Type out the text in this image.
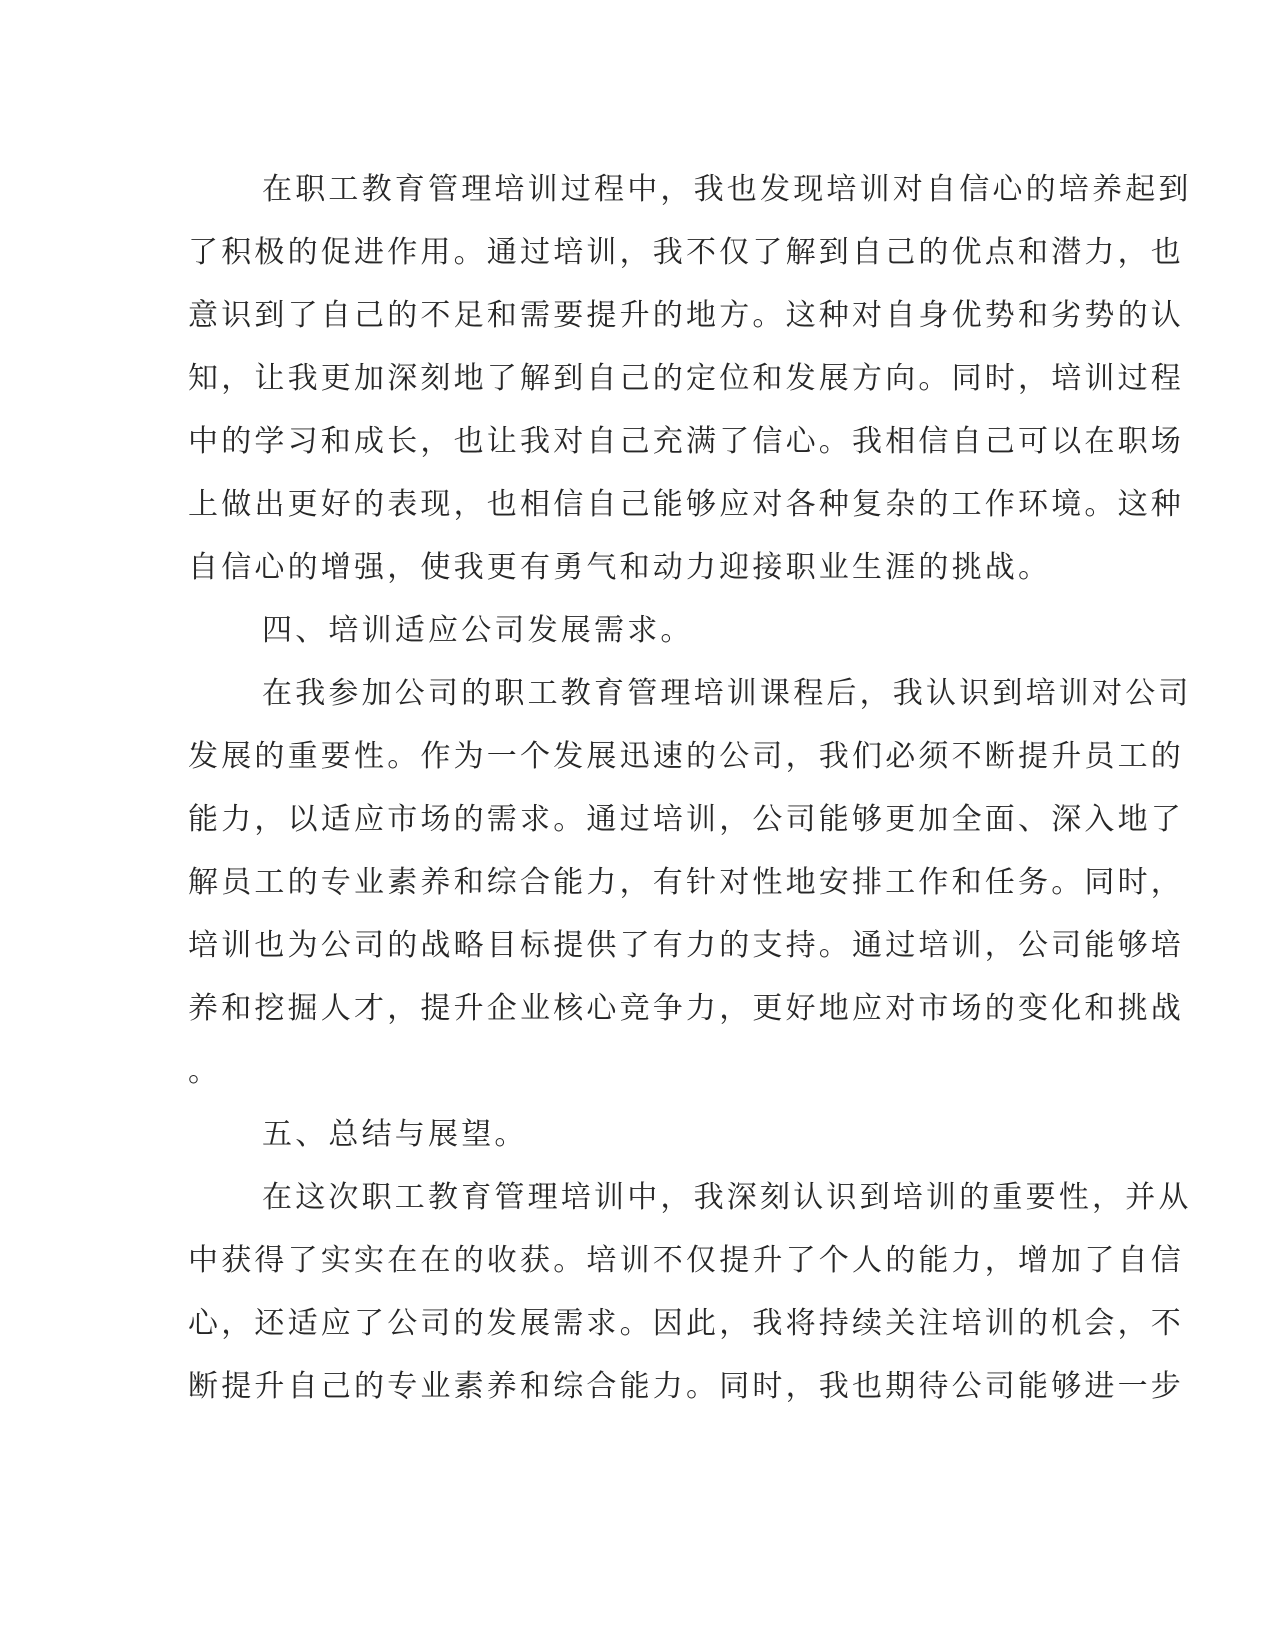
在职工教育管理培训过程中，我也发现培训对自信心的培养起到
了积极的促进作用。通过培训，我不仅了解到自己的优点和潜力，也
意识到了自己的不足和需要提升的地方。这种对自身优势和劣势的认
知，让我更加深刻地了解到自己的定位和发展方向。同时，培训过程
中的学习和成长，也让我对自己充满了信心。我相信自己可以在职场
上做出更好的表现，也相信自己能够应对各种复杂的工作环境。这种
自信心的增强，使我更有勇气和动力迎接职业生涯的挑战。
四、培训适应公司发展需求。
在我参加公司的职工教育管理培训课程后，我认识到培训对公司
发展的重要性。作为一个发展迅速的公司，我们必须不断提升员工的
能力，以适应市场的需求。通过培训，公司能够更加全面、深入地了
解员工的专业素养和综合能力，有针对性地安排工作和任务。同时，
培训也为公司的战略目标提供了有力的支持。通过培训，公司能够培
养和挖掘人才，提升企业核心竞争力，更好地应对市场的变化和挑战
。
五、总结与展望。
在这次职工教育管理培训中，我深刻认识到培训的重要性，并从
中获得了实实在在的收获。培训不仅提升了个人的能力，增加了自信
心，还适应了公司的发展需求。因此，我将持续关注培训的机会，不
断提升自己的专业素养和综合能力。同时，我也期待公司能够进一步
